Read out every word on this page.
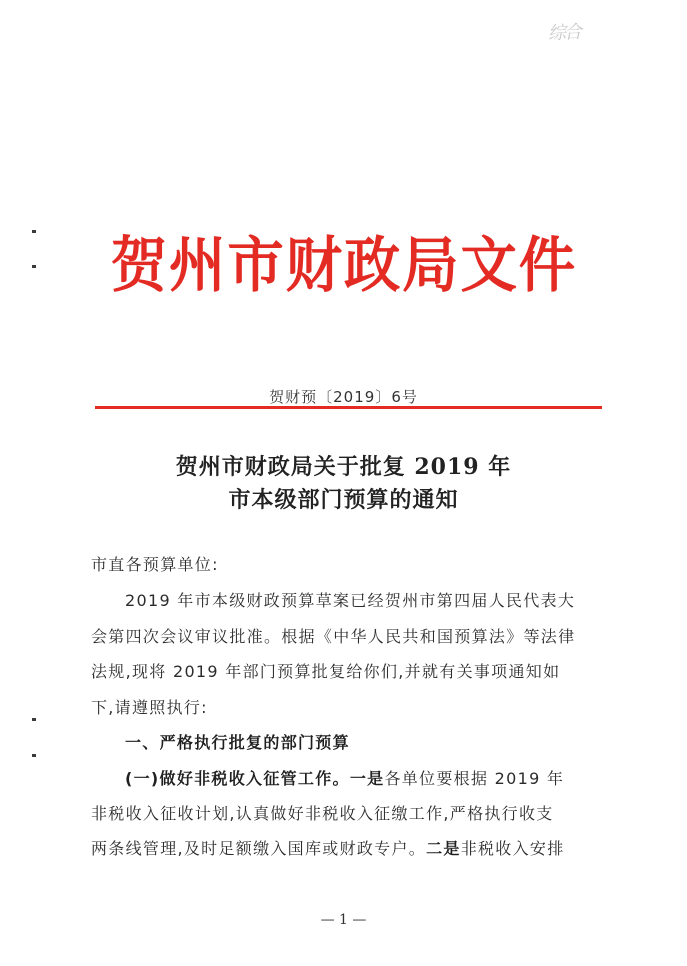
综合
贺州市财政局文件
贺财预〔2019〕6号
贺州市财政局关于批复 2019 年
市本级部门预算的通知
市直各预算单位:
2019 年市本级财政预算草案已经贺州市第四届人民代表大
会第四次会议审议批准。根据《中华人民共和国预算法》等法律
法规,现将 2019 年部门预算批复给你们,并就有关事项通知如
下,请遵照执行:
一、严格执行批复的部门预算
(一)做好非税收入征管工作。一是各单位要根据 2019 年
非税收入征收计划,认真做好非税收入征缴工作,严格执行收支
两条线管理,及时足额缴入国库或财政专户。二是非税收入安排
— 1 —
